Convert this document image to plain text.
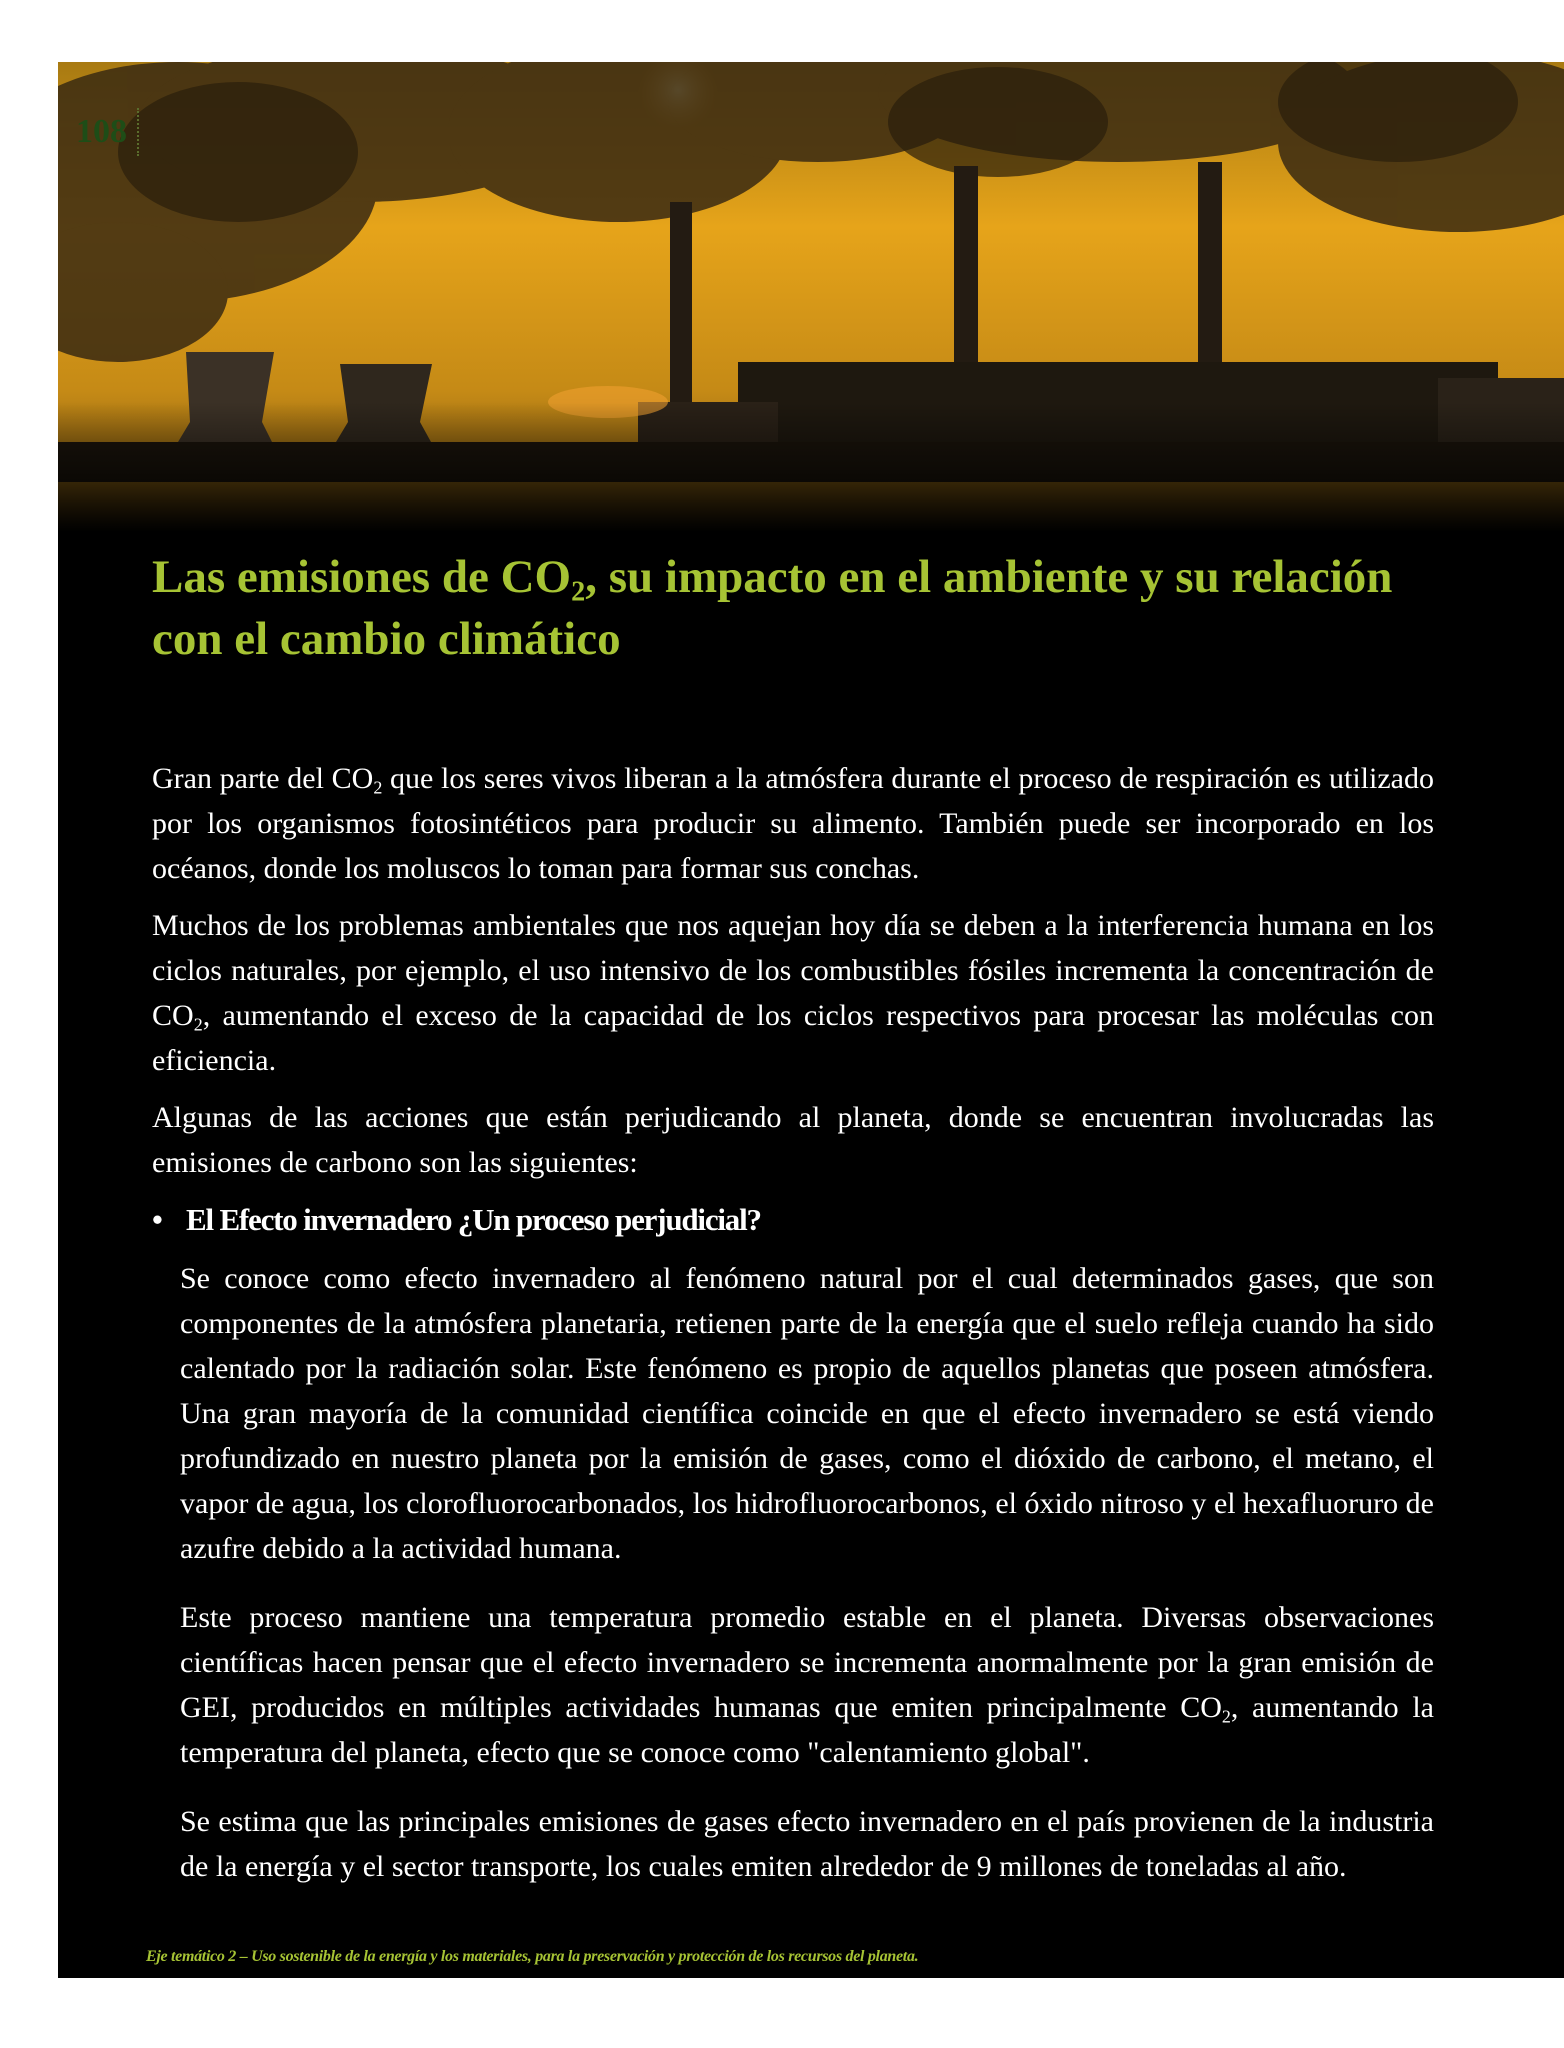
108
Las emisiones de $CO_2$, su impacto en el ambiente y su relación con el cambio climático

Gran parte del $CO_2$ que los seres vivos liberan a la atmósfera durante el proceso de respiración es utilizado por los organismos fotosintéticos para producir su alimento. También puede ser incorporado en los océanos, donde los moluscos lo toman para formar sus conchas.

Muchos de los problemas ambientales que nos aquejan hoy día se deben a la interferencia humana en los ciclos naturales, por ejemplo, el uso intensivo de los combustibles fósiles incrementa la concentración de $CO_2$, aumentando el exceso de la capacidad de los ciclos respectivos para procesar las moléculas con eficiencia.

Algunas de las acciones que están perjudicando al planeta, donde se encuentran involucradas las emisiones de carbono son las siguientes:

• El Efecto invernadero ¿Un proceso perjudicial?

Se conoce como efecto invernadero al fenómeno natural por el cual determinados gases, que son componentes de la atmósfera planetaria, retienen parte de la energía que el suelo refleja cuando ha sido calentado por la radiación solar. Este fenómeno es propio de aquellos planetas que poseen atmósfera. Una gran mayoría de la comunidad científica coincide en que el efecto invernadero se está viendo profundizado en nuestro planeta por la emisión de gases, como el dióxido de carbono, el metano, el vapor de agua, los clorofluorocarbonados, los hidrofluorocarbonos, el óxido nitroso y el hexafluoruro de azufre debido a la actividad humana.

Este proceso mantiene una temperatura promedio estable en el planeta. Diversas observaciones científicas hacen pensar que el efecto invernadero se incrementa anormalmente por la gran emisión de GEI, producidos en múltiples actividades humanas que emiten principalmente $CO_2$, aumentando la temperatura del planeta, efecto que se conoce como "calentamiento global".

Se estima que las principales emisiones de gases efecto invernadero en el país provienen de la industria de la energía y el sector transporte, los cuales emiten alrededor de 9 millones de toneladas al año.

Eje temático 2 – Uso sostenible de la energía y los materiales, para la preservación y protección de los recursos del planeta.
